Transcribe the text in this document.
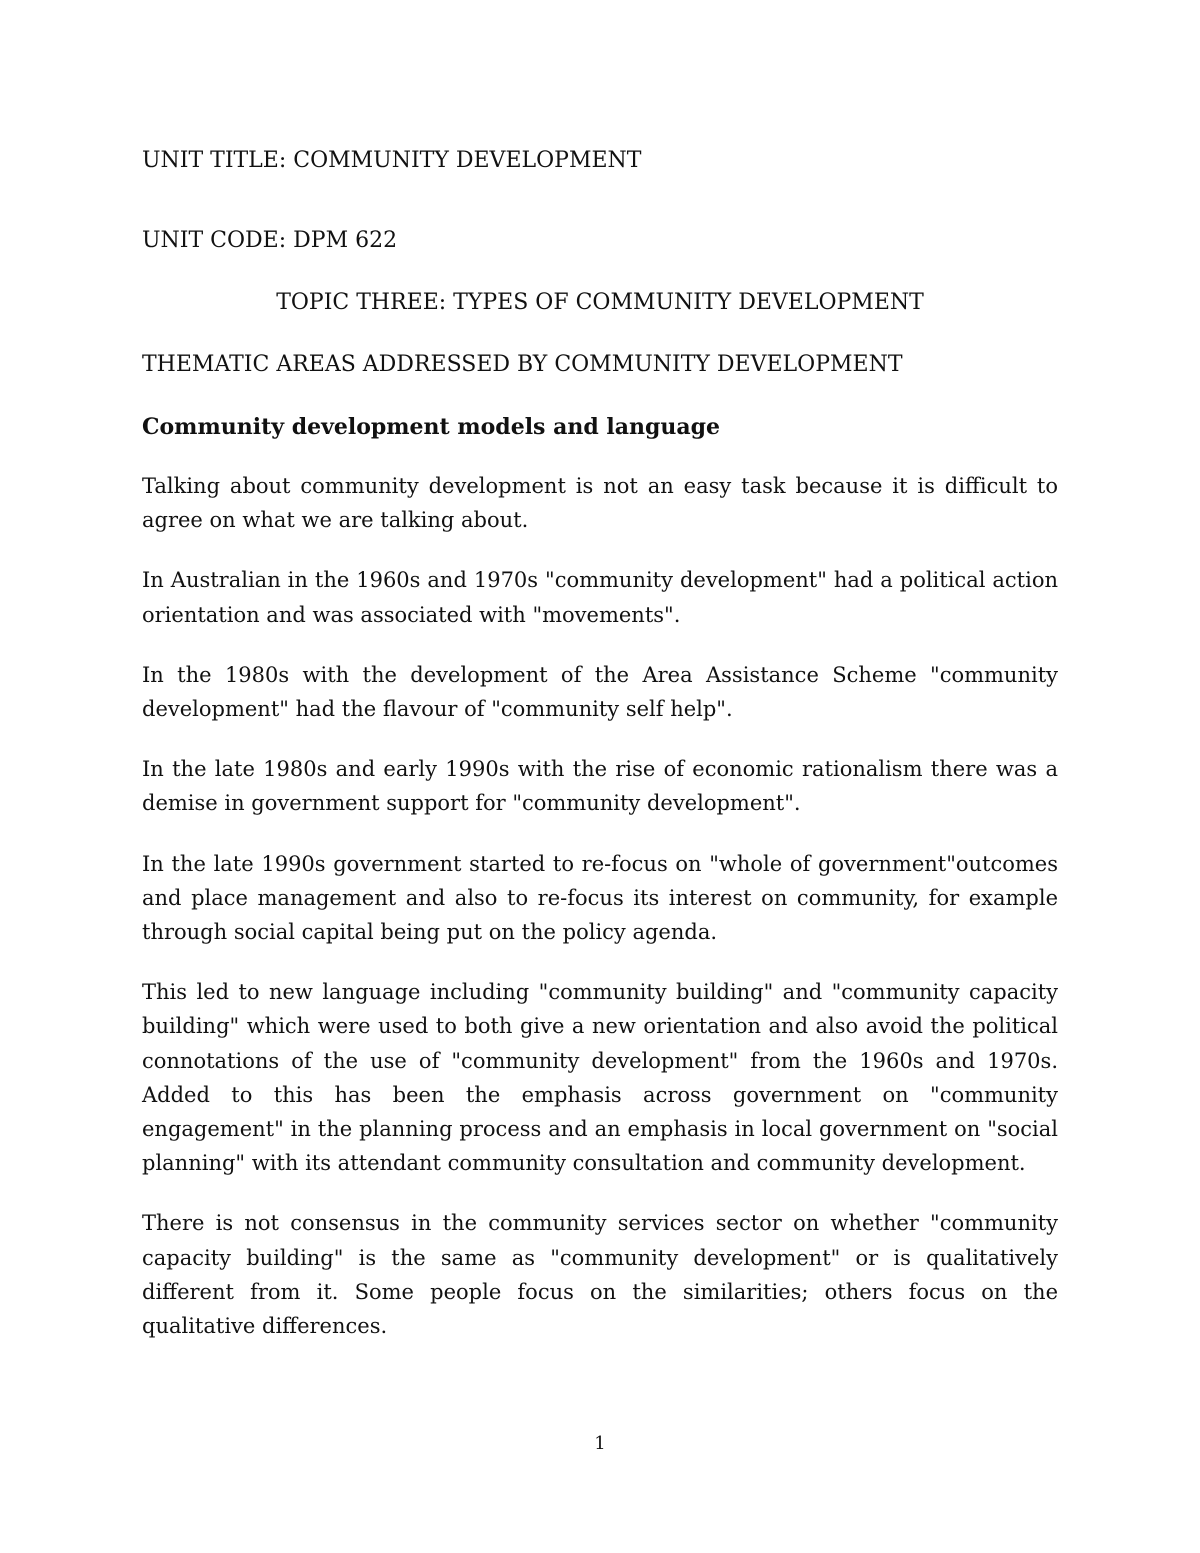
UNIT TITLE: COMMUNITY DEVELOPMENT

UNIT CODE: DPM 622

TOPIC THREE: TYPES OF COMMUNITY DEVELOPMENT

THEMATIC AREAS ADDRESSED BY COMMUNITY DEVELOPMENT

Community development models and language

Talking about community development is not an easy task because it is difficult to agree on what we are talking about.

In Australian in the 1960s and 1970s "community development" had a political action orientation and was associated with "movements".

In the 1980s with the development of the Area Assistance Scheme "community development" had the flavour of "community self help".

In the late 1980s and early 1990s with the rise of economic rationalism there was a demise in government support for "community development".

In the late 1990s government started to re-focus on "whole of government"outcomes and place management and also to re-focus its interest on community, for example through social capital being put on the policy agenda.

This led to new language including "community building" and "community capacity building" which were used to both give a new orientation and also avoid the political connotations of the use of "community development" from the 1960s and 1970s. Added to this has been the emphasis across government on "community engagement" in the planning process and an emphasis in local government on "social planning" with its attendant community consultation and community development.

There is not consensus in the community services sector on whether "community capacity building" is the same as "community development" or is qualitatively different from it. Some people focus on the similarities; others focus on the qualitative differences.

1
